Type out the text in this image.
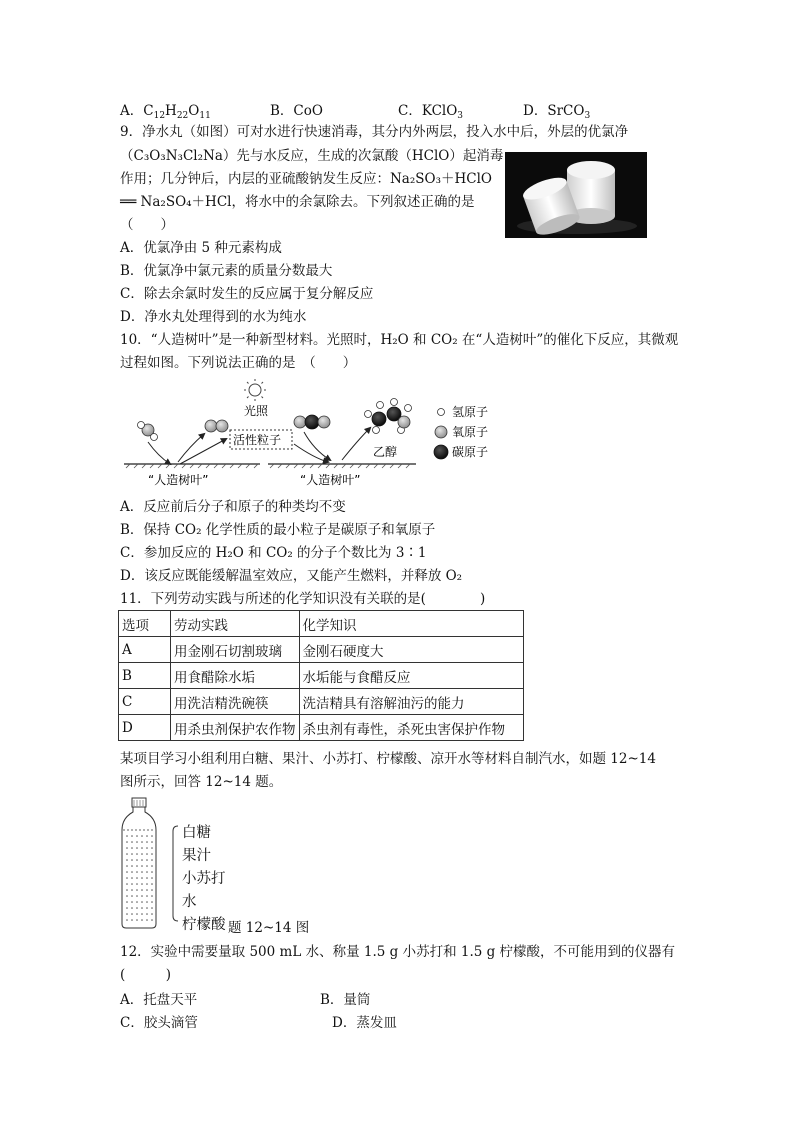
A．$C_{12}H_{22}O_{11}$	B．CoO	C．KClO$_3$	D．SrCO$_3$
9．净水丸（如图）可对水进行快速消毒，其分内外两层，投入水中后，外层的优氯净
（C₃O₃N₃Cl₂Na）先与水反应，生成的次氯酸（HClO）起消毒
作用；几分钟后，内层的亚硫酸钠发生反应：Na₂SO₃＋HClO
══ Na₂SO₄＋HCl，将水中的余氯除去。下列叙述正确的是
（　　）
A．优氯净由 5 种元素构成
B．优氯净中氯元素的质量分数最大
C．除去余氯时发生的反应属于复分解反应
D．净水丸处理得到的水为纯水
10．“人造树叶”是一种新型材料。光照时，H₂O 和 CO₂ 在“人造树叶”的催化下反应，其微观
过程如图。下列说法正确的是　（　　）
光照
活性粒子
乙醇
“人造树叶”	“人造树叶”
氢原子
氧原子
碳原子
A．反应前后分子和原子的种类均不变
B．保持 CO₂ 化学性质的最小粒子是碳原子和氧原子
C．参加反应的 H₂O 和 CO₂ 的分子个数比为 3∶1
D．该反应既能缓解温室效应，又能产生燃料，并释放 O₂
11．下列劳动实践与所述的化学知识没有关联的是(　　　　)
选项	劳动实践	化学知识
A	用金刚石切割玻璃	金刚石硬度大
B	用食醋除水垢	水垢能与食醋反应
C	用洗洁精洗碗筷	洗洁精具有溶解油污的能力
D	用杀虫剂保护农作物	杀虫剂有毒性，杀死虫害保护作物
某项目学习小组利用白糖、果汁、小苏打、柠檬酸、凉开水等材料自制汽水，如题 12~14
图所示，回答 12~14 题。
白糖
果汁
小苏打
水
柠檬酸 题 12~14 图
12．实验中需要量取 500 mL 水、称量 1.5 g 小苏打和 1.5 g 柠檬酸，不可能用到的仪器有
(　　　)
A．托盘天平	B．量筒
C．胶头滴管	D．蒸发皿
